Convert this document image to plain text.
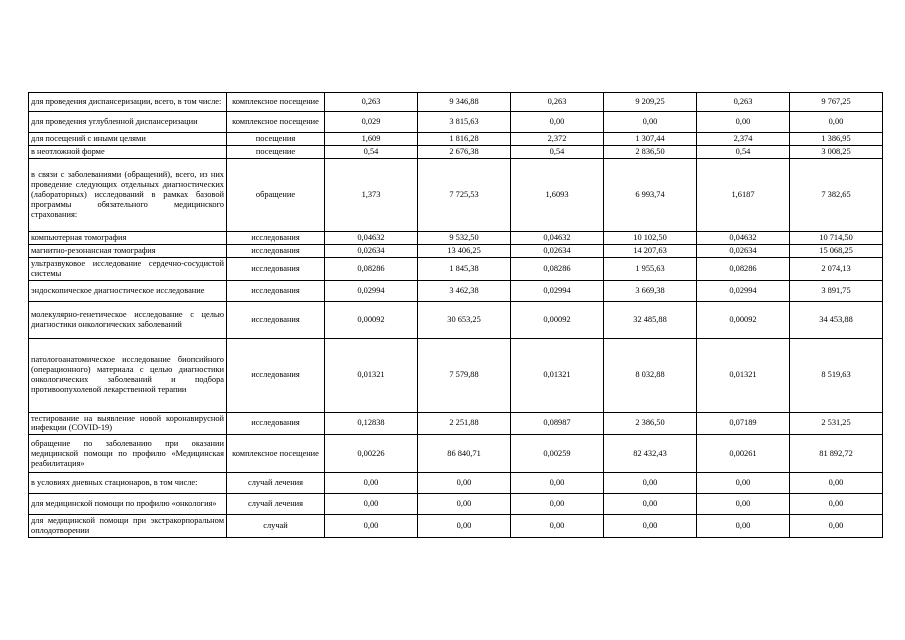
для проведения диспансеризации, всего, в том числе:	комплексное посещение	0,263	9 346,88	0,263	9 209,25	0,263	9 767,25
для проведения углубленной диспансеризации	комплексное посещение	0,029	3 815,63	0,00	0,00	0,00	0,00
для посещений с иными целями	посещения	1,609	1 816,28	2,372	1 307,44	2,374	1 386,95
в неотложной форме	посещение	0,54	2 676,38	0,54	2 836,50	0,54	3 008,25
в связи с заболеваниями (обращений), всего, из них проведение следующих отдельных диагностических (лабораторных) исследований в рамках базовой программы обязательного медицинского страхования:	обращение	1,373	7 725,53	1,6093	6 993,74	1,6187	7 382,65
компьютерная томография	исследования	0,04632	9 532,50	0,04632	10 102,50	0,04632	10 714,50
магнитно-резонансная томография	исследования	0,02634	13 406,25	0,02634	14 207,63	0,02634	15 068,25
ультразвуковое исследование сердечно-сосудистой системы	исследования	0,08286	1 845,38	0,08286	1 955,63	0,08286	2 074,13
эндоскопическое диагностическое исследование	исследования	0,02994	3 462,38	0,02994	3 669,38	0,02994	3 891,75
молекулярно-генетическое исследование с целью диагностики онкологических заболеваний	исследования	0,00092	30 653,25	0,00092	32 485,88	0,00092	34 453,88
патологоанатомическое исследование биопсийного (операционного) материала с целью диагностики онкологических заболеваний и подбора противоопухолевой лекарственной терапии	исследования	0,01321	7 579,88	0,01321	8 032,88	0,01321	8 519,63
тестирование на выявление новой коронавирусной инфекции (COVID-19)	исследования	0,12838	2 251,88	0,08987	2 386,50	0,07189	2 531,25
обращение по заболеванию при оказании медицинской помощи по профилю «Медицинская реабилитация»	комплексное посещение	0,00226	86 840,71	0,00259	82 432,43	0,00261	81 892,72
в условиях дневных стационаров, в том числе:	случай лечения	0,00	0,00	0,00	0,00	0,00	0,00
для медицинской помощи по профилю «онкология»	случай лечения	0,00	0,00	0,00	0,00	0,00	0,00
для медицинской помощи при экстракорпоральном оплодотворении	случай	0,00	0,00	0,00	0,00	0,00	0,00
